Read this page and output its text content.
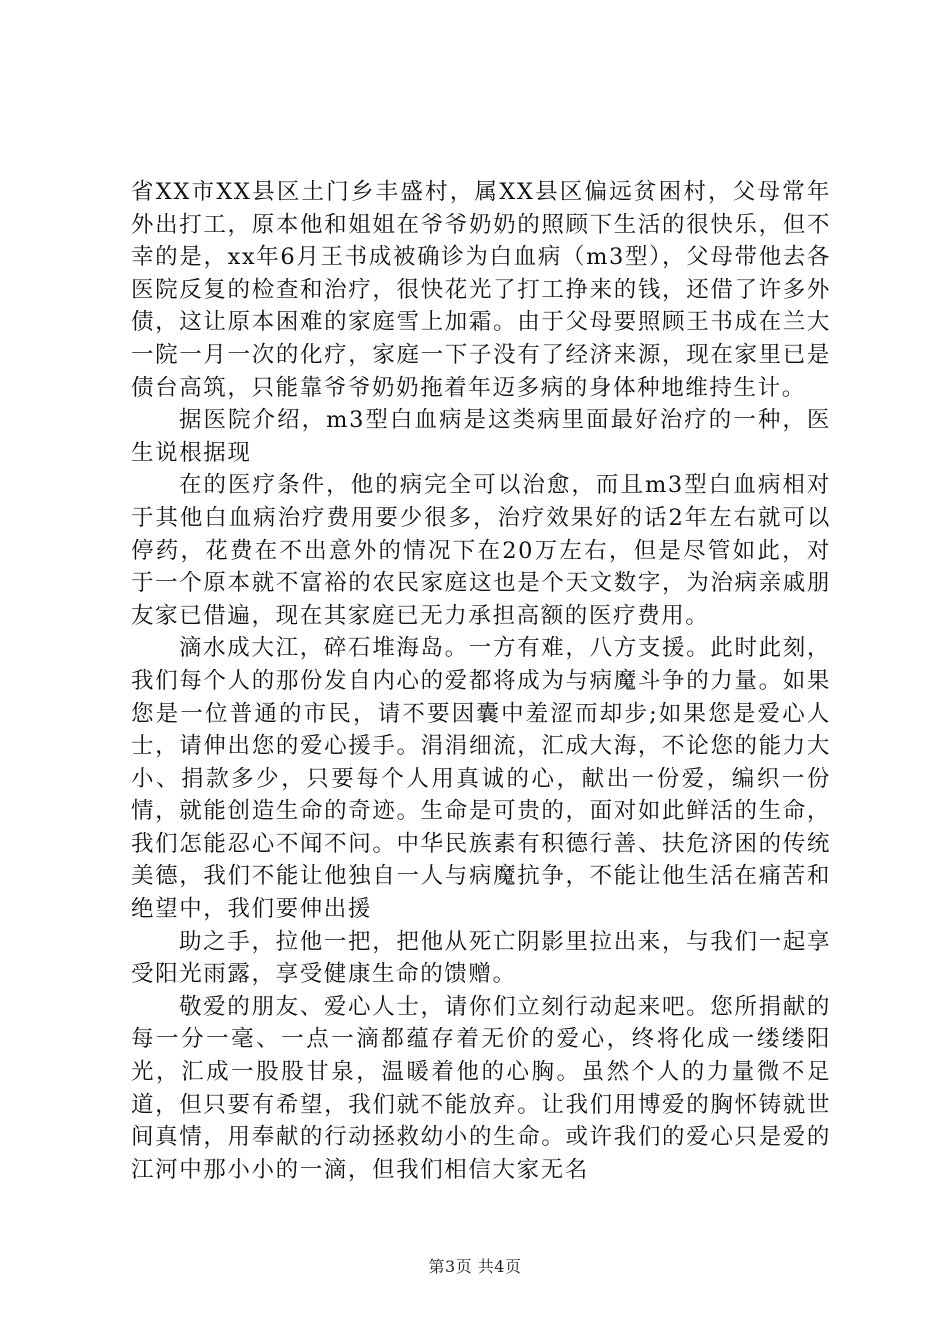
省XX市XX县区土门乡丰盛村，属XX县区偏远贫困村，父母常年外出打工，原本他和姐姐在爷爷奶奶的照顾下生活的很快乐，但不幸的是，xx年6月王书成被确诊为白血病（m3型），父母带他去各医院反复的检查和治疗，很快花光了打工挣来的钱，还借了许多外债，这让原本困难的家庭雪上加霜。由于父母要照顾王书成在兰大一院一月一次的化疗，家庭一下子没有了经济来源，现在家里已是债台高筑，只能靠爷爷奶奶拖着年迈多病的身体种地维持生计。

据医院介绍，m3型白血病是这类病里面最好治疗的一种，医生说根据现

在的医疗条件，他的病完全可以治愈，而且m3型白血病相对于其他白血病治疗费用要少很多，治疗效果好的话2年左右就可以停药，花费在不出意外的情况下在20万左右，但是尽管如此，对于一个原本就不富裕的农民家庭这也是个天文数字，为治病亲戚朋友家已借遍，现在其家庭已无力承担高额的医疗费用。

滴水成大江，碎石堆海岛。一方有难，八方支援。此时此刻，我们每个人的那份发自内心的爱都将成为与病魔斗争的力量。如果您是一位普通的市民，请不要因囊中羞涩而却步;如果您是爱心人士，请伸出您的爱心援手。涓涓细流，汇成大海，不论您的能力大小、捐款多少，只要每个人用真诚的心，献出一份爱，编织一份情，就能创造生命的奇迹。生命是可贵的，面对如此鲜活的生命，我们怎能忍心不闻不问。中华民族素有积德行善、扶危济困的传统美德，我们不能让他独自一人与病魔抗争，不能让他生活在痛苦和绝望中，我们要伸出援

助之手，拉他一把，把他从死亡阴影里拉出来，与我们一起享受阳光雨露，享受健康生命的馈赠。

敬爱的朋友、爱心人士，请你们立刻行动起来吧。您所捐献的每一分一毫、一点一滴都蕴存着无价的爱心，终将化成一缕缕阳光，汇成一股股甘泉，温暖着他的心胸。虽然个人的力量微不足道，但只要有希望，我们就不能放弃。让我们用博爱的胸怀铸就世间真情，用奉献的行动拯救幼小的生命。或许我们的爱心只是爱的江河中那小小的一滴，但我们相信大家无名

第3页 共4页
